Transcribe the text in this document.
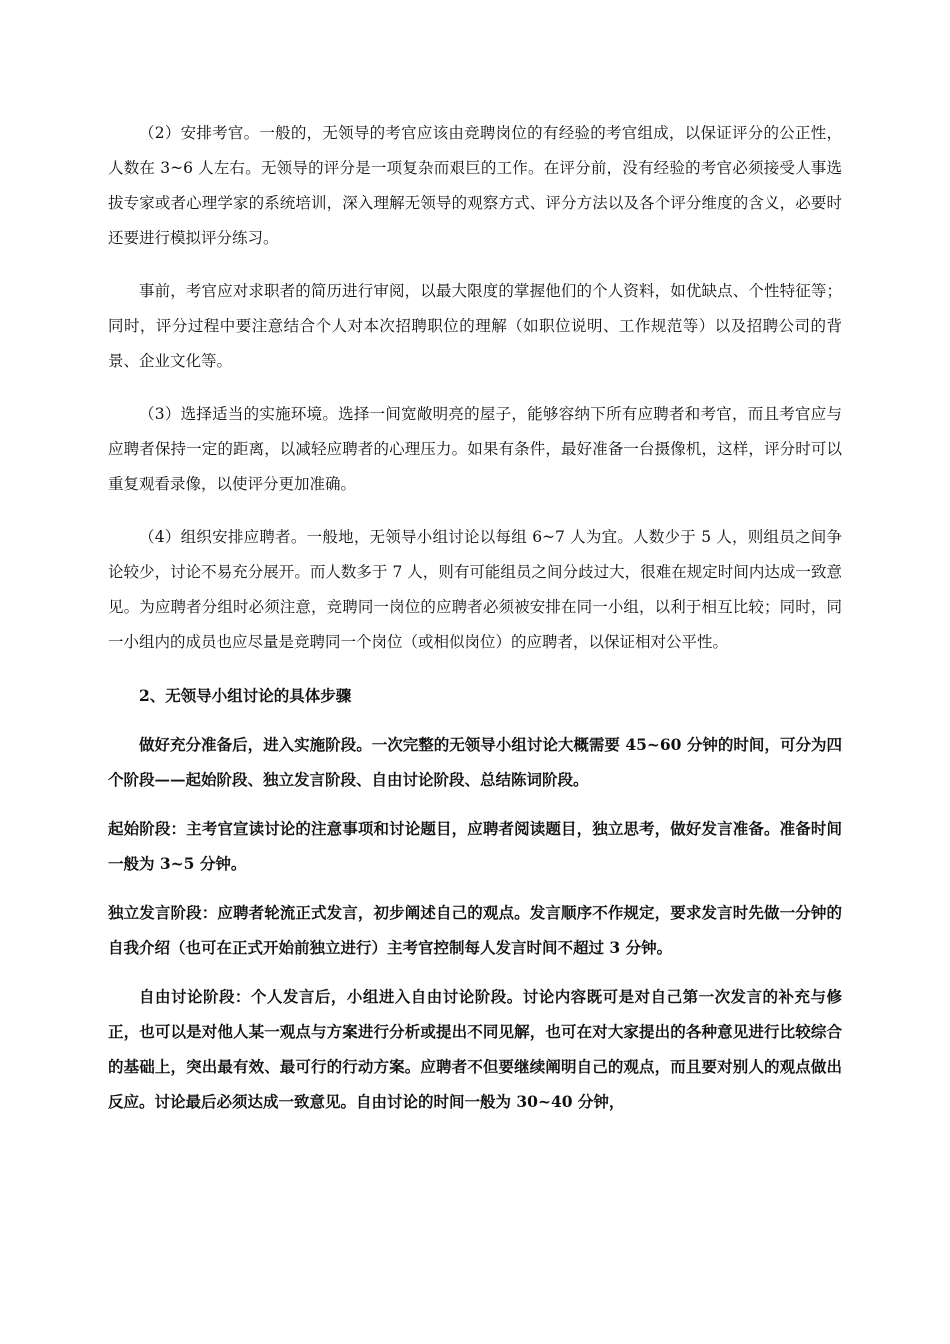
（2）安排考官。一般的，无领导的考官应该由竞聘岗位的有经验的考官组成，以保证评分的公正性，人数在 3~6 人左右。无领导的评分是一项复杂而艰巨的工作。在评分前，没有经验的考官必须接受人事选拔专家或者心理学家的系统培训，深入理解无领导的观察方式、评分方法以及各个评分维度的含义，必要时还要进行模拟评分练习。

事前，考官应对求职者的简历进行审阅，以最大限度的掌握他们的个人资料，如优缺点、个性特征等；同时，评分过程中要注意结合个人对本次招聘职位的理解（如职位说明、工作规范等）以及招聘公司的背景、企业文化等。

（3）选择适当的实施环境。选择一间宽敞明亮的屋子，能够容纳下所有应聘者和考官，而且考官应与应聘者保持一定的距离，以减轻应聘者的心理压力。如果有条件，最好准备一台摄像机，这样，评分时可以重复观看录像，以使评分更加准确。

（4）组织安排应聘者。一般地，无领导小组讨论以每组 6~7 人为宜。人数少于 5 人，则组员之间争论较少，讨论不易充分展开。而人数多于 7 人，则有可能组员之间分歧过大，很难在规定时间内达成一致意见。为应聘者分组时必须注意，竞聘同一岗位的应聘者必须被安排在同一小组，以利于相互比较；同时，同一小组内的成员也应尽量是竞聘同一个岗位（或相似岗位）的应聘者，以保证相对公平性。

2、无领导小组讨论的具体步骤

做好充分准备后，进入实施阶段。一次完整的无领导小组讨论大概需要 45~60 分钟的时间，可分为四个阶段——起始阶段、独立发言阶段、自由讨论阶段、总结陈词阶段。

起始阶段：主考官宣读讨论的注意事项和讨论题目，应聘者阅读题目，独立思考，做好发言准备。准备时间一般为 3~5 分钟。

独立发言阶段：应聘者轮流正式发言，初步阐述自己的观点。发言顺序不作规定，要求发言时先做一分钟的自我介绍（也可在正式开始前独立进行）主考官控制每人发言时间不超过 3 分钟。

自由讨论阶段：个人发言后，小组进入自由讨论阶段。讨论内容既可是对自己第一次发言的补充与修正，也可以是对他人某一观点与方案进行分析或提出不同见解，也可在对大家提出的各种意见进行比较综合的基础上，突出最有效、最可行的行动方案。应聘者不但要继续阐明自己的观点，而且要对别人的观点做出反应。讨论最后必须达成一致意见。自由讨论的时间一般为 30~40 分钟，
